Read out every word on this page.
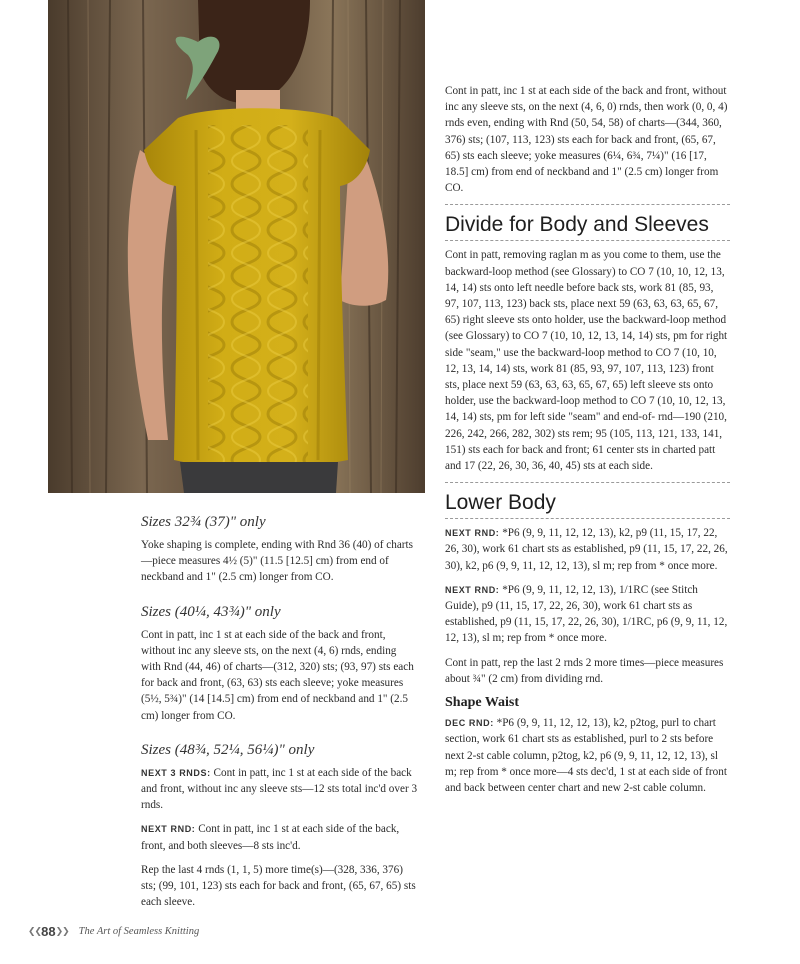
Sizes 32¾ (37)" only

Yoke shaping is complete, ending with Rnd 36 (40) of charts—piece measures 4½ (5)" (11.5 [12.5] cm) from end of neckband and 1" (2.5 cm) longer from CO.

Sizes (40¼, 43¾)" only

Cont in patt, inc 1 st at each side of the back and front, without inc any sleeve sts, on the next (4, 6) rnds, ending with Rnd (44, 46) of charts—(312, 320) sts; (93, 97) sts each for back and front, (63, 63) sts each sleeve; yoke measures (5½, 5¾)" (14 [14.5] cm) from end of neckband and 1" (2.5 cm) longer from CO.

Sizes (48¾, 52¼, 56¼)" only

NEXT 3 RNDS: Cont in patt, inc 1 st at each side of the back and front, without inc any sleeve sts—12 sts total inc'd over 3 rnds.

NEXT RND: Cont in patt, inc 1 st at each side of the back, front, and both sleeves—8 sts inc'd.

Rep the last 4 rnds (1, 1, 5) more time(s)—(328, 336, 376) sts; (99, 101, 123) sts each for back and front, (65, 67, 65) sts each sleeve.

Cont in patt, inc 1 st at each side of the back and front, without inc any sleeve sts, on the next (4, 6, 0) rnds, then work (0, 0, 4) rnds even, ending with Rnd (50, 54, 58) of charts—(344, 360, 376) sts; (107, 113, 123) sts each for back and front, (65, 67, 65) sts each sleeve; yoke measures (6¼, 6¾, 7¼)" (16 [17, 18.5] cm) from end of neckband and 1" (2.5 cm) longer from CO.

Divide for Body and Sleeves

Cont in patt, removing raglan m as you come to them, use the backward-loop method (see Glossary) to CO 7 (10, 10, 12, 13, 14, 14) sts onto left needle before back sts, work 81 (85, 93, 97, 107, 113, 123) back sts, place next 59 (63, 63, 63, 65, 67, 65) right sleeve sts onto holder, use the backward-loop method (see Glossary) to CO 7 (10, 10, 12, 13, 14, 14) sts, pm for right side "seam," use the backward-loop method to CO 7 (10, 10, 12, 13, 14, 14) sts, work 81 (85, 93, 97, 107, 113, 123) front sts, place next 59 (63, 63, 63, 65, 67, 65) left sleeve sts onto holder, use the backward-loop method to CO 7 (10, 10, 12, 13, 14, 14) sts, pm for left side "seam" and end-of- rnd—190 (210, 226, 242, 266, 282, 302) sts rem; 95 (105, 113, 121, 133, 141, 151) sts each for back and front; 61 center sts in charted patt and 17 (22, 26, 30, 36, 40, 45) sts at each side.

Lower Body

NEXT RND: *P6 (9, 9, 11, 12, 12, 13), k2, p9 (11, 15, 17, 22, 26, 30), work 61 chart sts as established, p9 (11, 15, 17, 22, 26, 30), k2, p6 (9, 9, 11, 12, 12, 13), sl m; rep from * once more.

NEXT RND: *P6 (9, 9, 11, 12, 12, 13), 1/1RC (see Stitch Guide), p9 (11, 15, 17, 22, 26, 30), work 61 chart sts as established, p9 (11, 15, 17, 22, 26, 30), 1/1RC, p6 (9, 9, 11, 12, 12, 13), sl m; rep from * once more.

Cont in patt, rep the last 2 rnds 2 more times—piece measures about ¾" (2 cm) from dividing rnd.

Shape Waist

DEC RND: *P6 (9, 9, 11, 12, 12, 13), k2, p2tog, purl to chart section, work 61 chart sts as established, purl to 2 sts before next 2-st cable column, p2tog, k2, p6 (9, 9, 11, 12, 12, 13), sl m; rep from * once more—4 sts dec'd, 1 st at each side of front and back between center chart and new 2-st cable column.

❮❮ 88 ❯❯ The Art of Seamless Knitting
